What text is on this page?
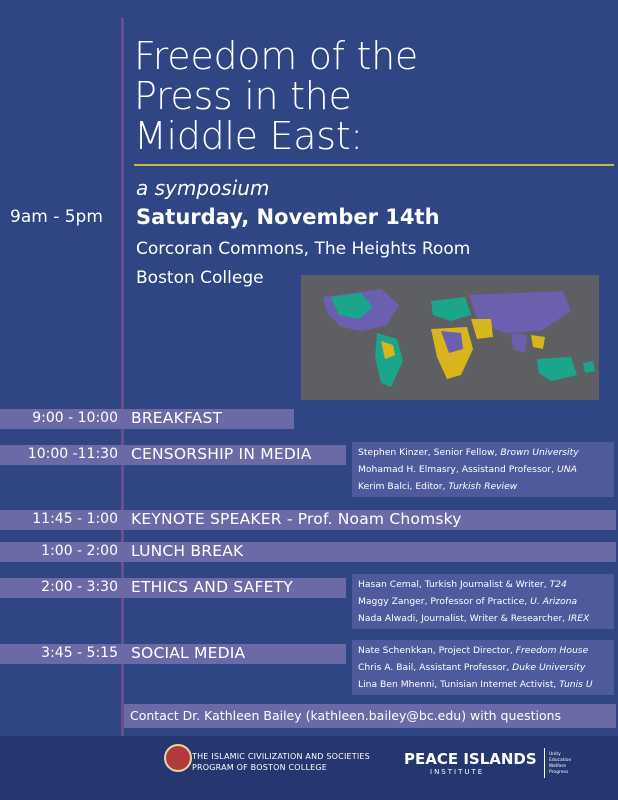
Freedom of the
Press in the
Middle East:
a symposium
9am - 5pm Saturday, November 14th
Corcoran Commons, The Heights Room
Boston College
9:00 - 10:00 BREAKFAST
10:00 -11:30 CENSORSHIP IN MEDIA
11:45 - 1:00 KEYNOTE SPEAKER - Prof. Noam Chomsky
1:00 - 2:00 LUNCH BREAK
2:00 - 3:30 ETHICS AND SAFETY
3:45 - 5:15 SOCIAL MEDIA
Stephen Kinzer, Senior Fellow, Brown University
Mohamad H. Elmasry, Assistand Professor, UNA
Kerim Balci, Editor, Turkish Review
Hasan Cemal, Turkish Journalist & Writer, T24
Maggy Zanger, Professor of Practice, U. Arizona
Nada Alwadi, Journalist, Writer & Researcher, IREX
Nate Schenkkan, Project Director, Freedom House
Chris A. Bail, Assistant Professor, Duke University
Lina Ben Mhenni, Tunisian Internet Activist, Tunis U
Contact Dr. Kathleen Bailey (kathleen.bailey@bc.edu) with questions
THE ISLAMIC CIVILIZATION AND SOCIETIES
PROGRAM OF BOSTON COLLEGE	PEACE ISLANDS
INSTITUTE
Unity
Education
Welfare
Progress
